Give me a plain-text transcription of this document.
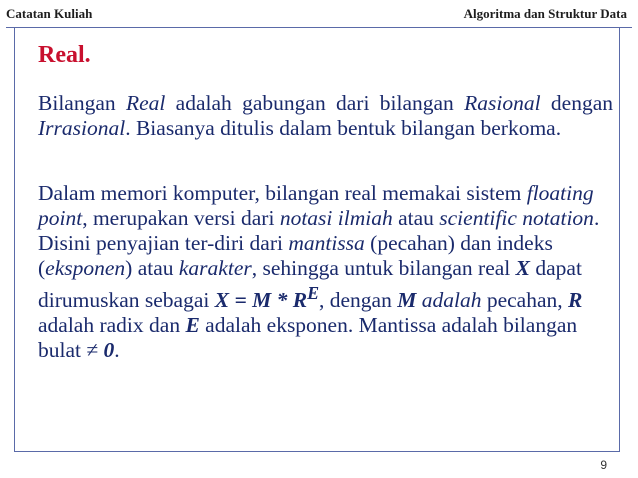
Catatan Kuliah	Algoritma dan Struktur Data
Real.

Bilangan Real adalah gabungan dari bilangan Rasional dengan Irrasional. Biasanya ditulis dalam bentuk bilangan berkoma.

Dalam memori komputer, bilangan real memakai sistem floating point, merupakan versi dari notasi ilmiah atau scientific notation. Disini penyajian ter-diri dari mantissa (pecahan) dan indeks (eksponen) atau karakter, sehingga untuk bilangan real X dapat dirumuskan sebagai $X = M * R^E$, dengan M adalah pecahan, R adalah radix dan E adalah eksponen. Mantissa adalah bilangan bulat ≠ 0.

9
